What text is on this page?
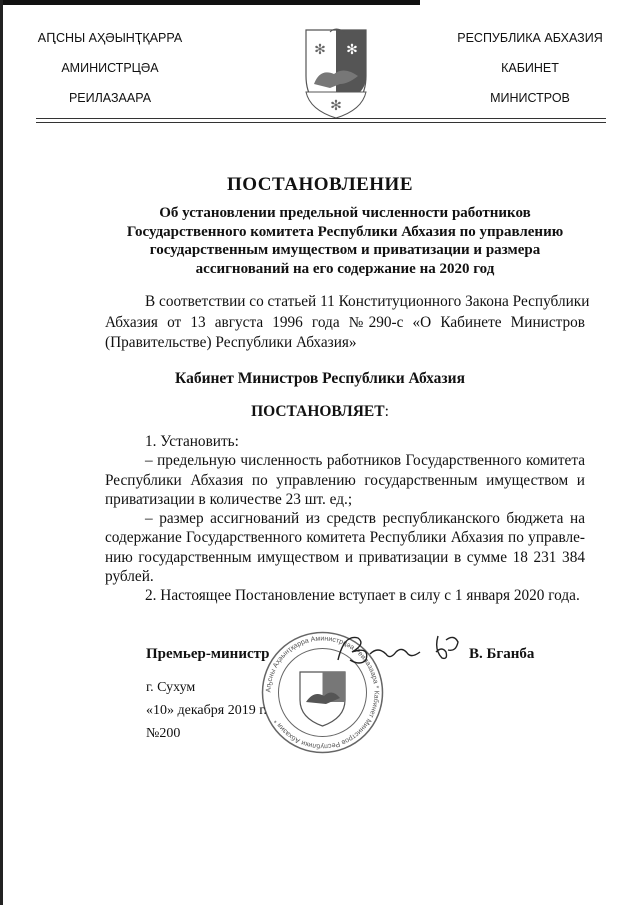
АԤСНЫ АҲӘЫНҬҚАРРА
АМИНИСТРЦӘА
РЕИЛАЗААРА
✻ ✻
✻
РЕСПУБЛИКА АБХАЗИЯ
КАБИНЕТ
МИНИСТРОВ
ПОСТАНОВЛЕНИЕ
Об установлении предельной численности работников
Государственного комитета Республики Абхазия по управлению
государственным имуществом и приватизации и размера
ассигнований на его содержание на 2020 год
В соответствии со статьей 11 Конституционного Закона Республики
Абхазия от 13 августа 1996 года №290-с «О Кабинете Министров
(Правительстве) Республики Абхазия»
Кабинет Министров Республики Абхазия
ПОСТАНОВЛЯЕТ:
1. Установить:
– предельную численность работников Государственного комитета
Республики Абхазия по управлению государственным имуществом и
приватизации в количестве 23 шт. ед.;
– размер ассигнований из средств республиканского бюджета на
содержание Государственного комитета Республики Абхазия по управле-
нию государственным имуществом и приватизации в сумме 18 231 384
рублей.
2. Настоящее Постановление вступает в силу с 1 января 2020 года.
Аҧсны Аҳәынҭқарра Аминистрцәа Реилазаара * Кабинет Министров Республики Абхазия *
Премьер-министр	В. Бганба
г. Сухум
«10» декабря 2019 г.
№200
